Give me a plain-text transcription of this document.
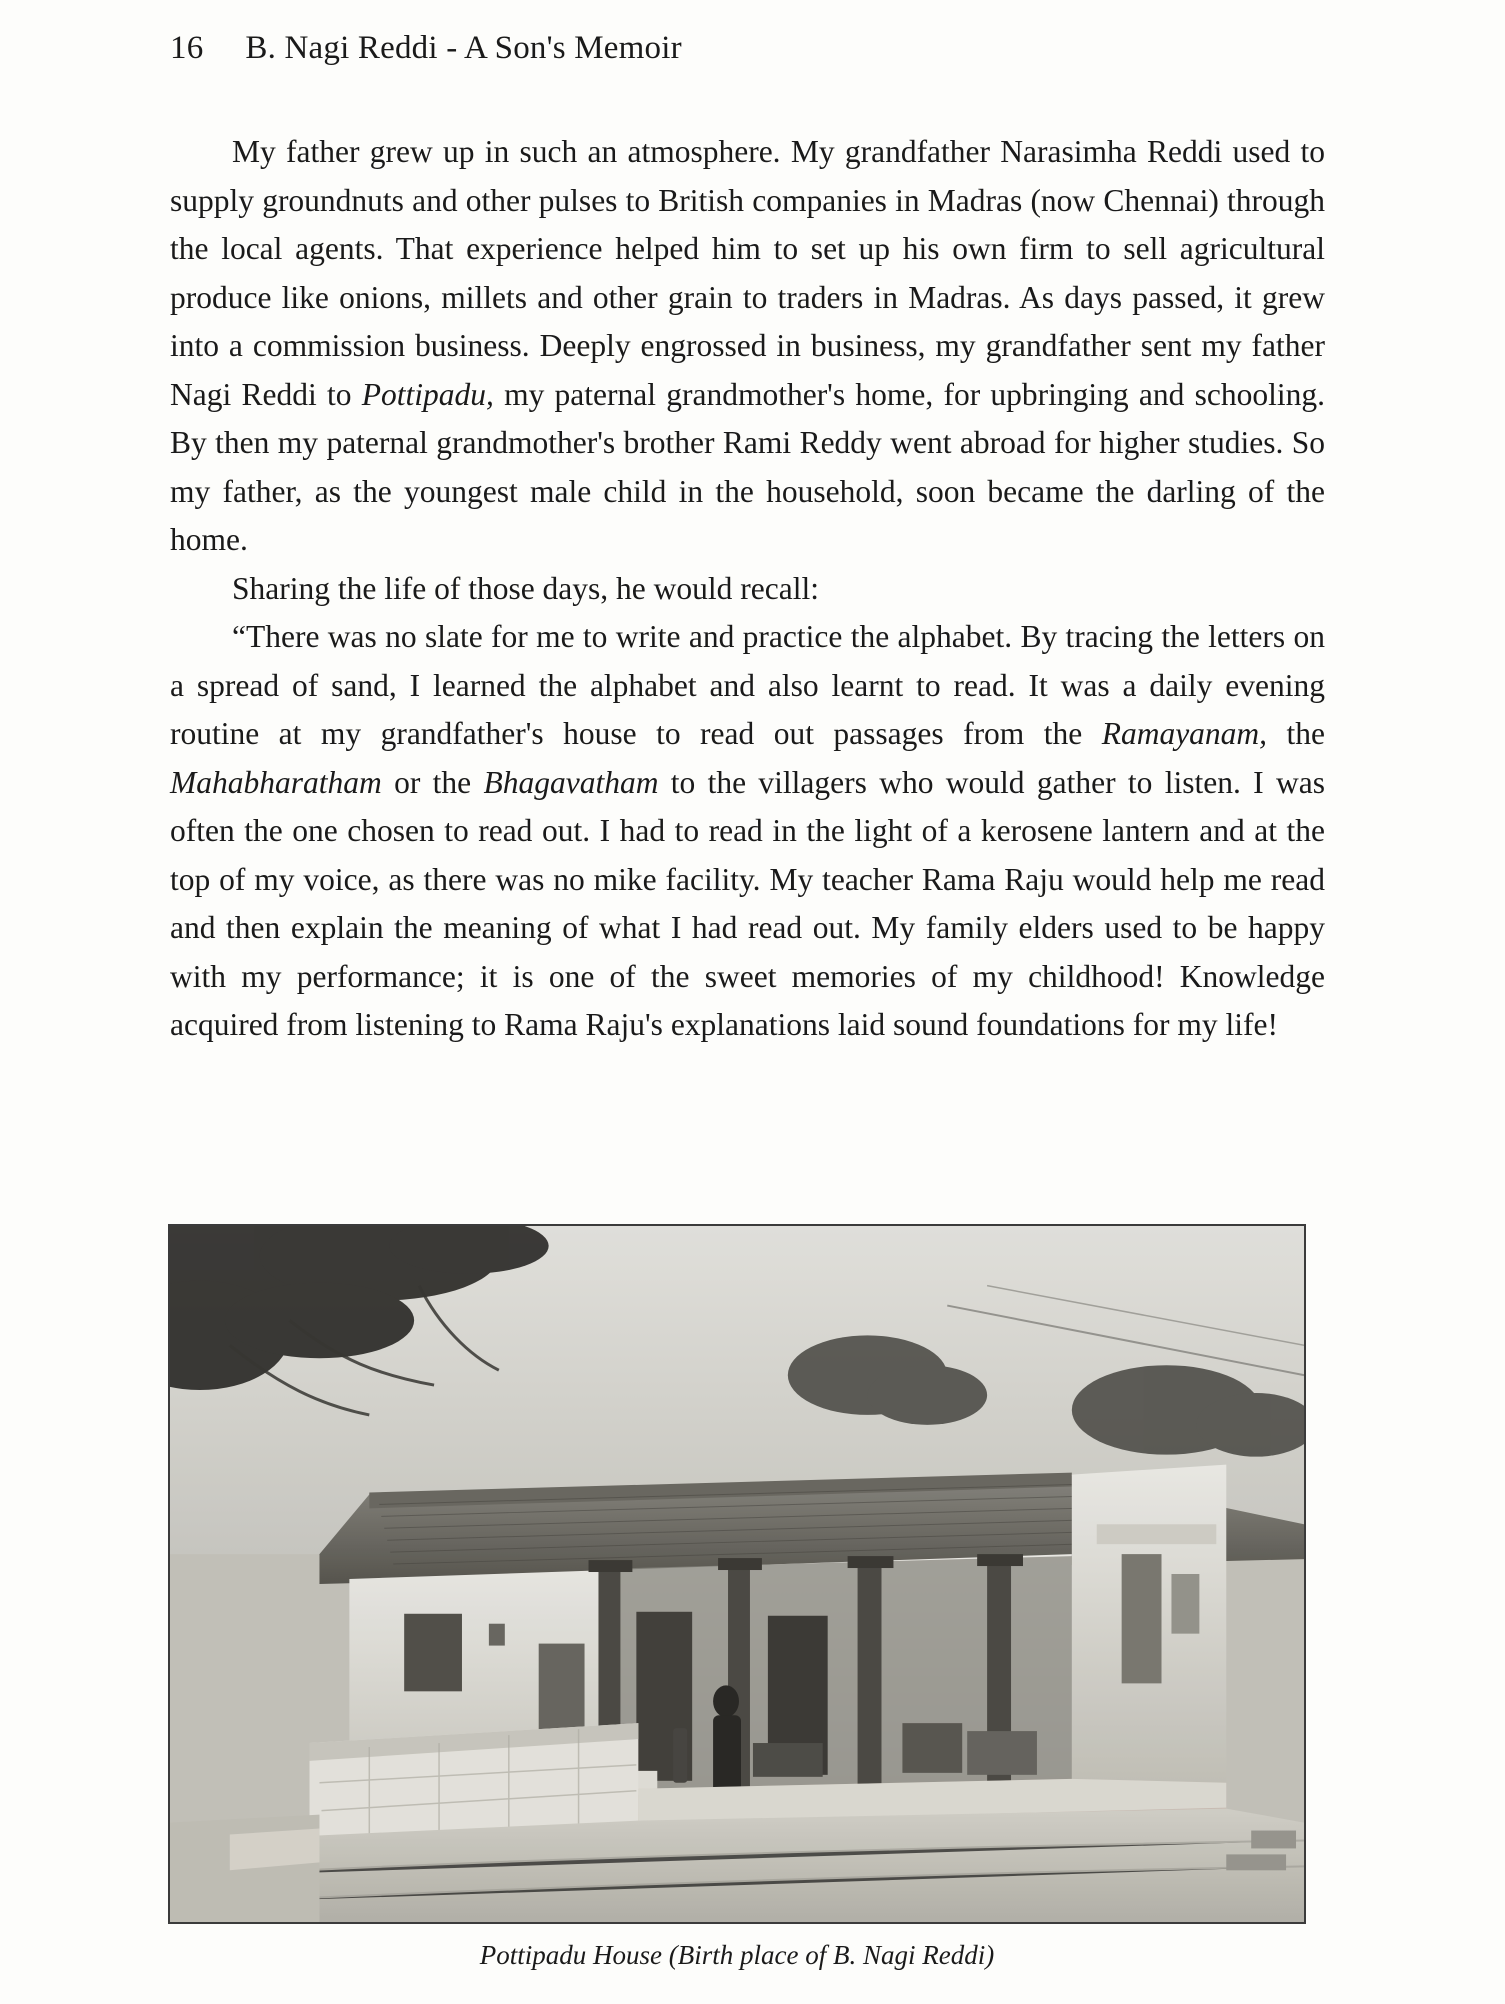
16 B. Nagi Reddi - A Son's Memoir

My father grew up in such an atmosphere. My grandfather Narasimha Reddi used to supply groundnuts and other pulses to British companies in Madras (now Chennai) through the local agents. That experience helped him to set up his own firm to sell agricultural produce like onions, millets and other grain to traders in Madras. As days passed, it grew into a commission business. Deeply engrossed in business, my grandfather sent my father Nagi Reddi to Pottipadu, my paternal grandmother's home, for upbringing and schooling. By then my paternal grandmother's brother Rami Reddy went abroad for higher studies. So my father, as the youngest male child in the household, soon became the darling of the home.

Sharing the life of those days, he would recall:

“There was no slate for me to write and practice the alphabet. By tracing the letters on a spread of sand, I learned the alphabet and also learnt to read. It was a daily evening routine at my grandfather's house to read out passages from the Ramayanam, the Mahabharatham or the Bhagavatham to the villagers who would gather to listen. I was often the one chosen to read out. I had to read in the light of a kerosene lantern and at the top of my voice, as there was no mike facility. My teacher Rama Raju would help me read and then explain the meaning of what I had read out. My family elders used to be happy with my performance; it is one of the sweet memories of my childhood! Knowledge acquired from listening to Rama Raju's explanations laid sound foundations for my life!

Pottipadu House (Birth place of B. Nagi Reddi)
